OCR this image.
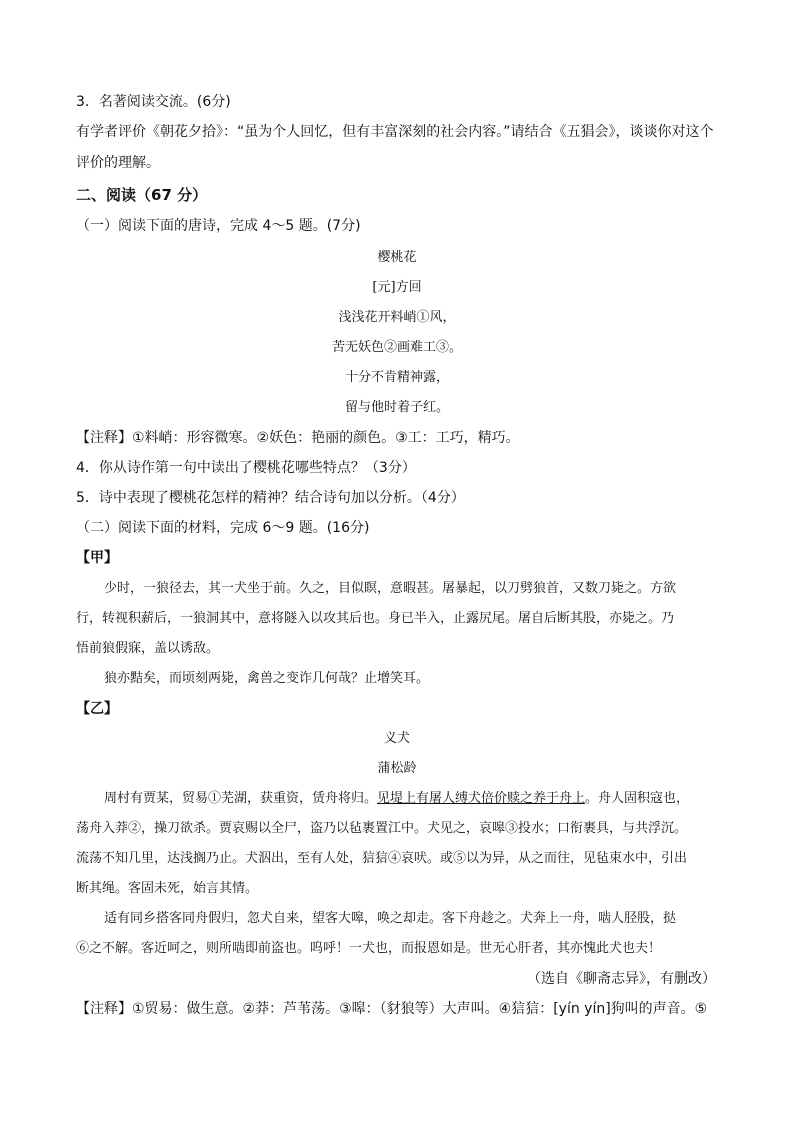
3．名著阅读交流。(6分)
有学者评价《朝花夕拾》：“虽为个人回忆，但有丰富深刻的社会内容。”请结合《五猖会》，谈谈你对这个
评价的理解。
二、阅读（67 分）
（一）阅读下面的唐诗，完成 4～5 题。(7分)
樱桃花
[元]方回
浅浅花开料峭①风，
苦无妖色②画难工③。
十分不肯精神露，
留与他时着子红。
【注释】①料峭：形容微寒。②妖色：艳丽的颜色。③工：工巧，精巧。
4．你从诗作第一句中读出了樱桃花哪些特点？（3分）
5．诗中表现了樱桃花怎样的精神？结合诗句加以分析。（4分）
（二）阅读下面的材料，完成 6～9 题。(16分)
【甲】
少时，一狼径去，其一犬坐于前。久之，目似瞑，意暇甚。屠暴起，以刀劈狼首，又数刀毙之。方欲
行，转视积薪后，一狼洞其中，意将隧入以攻其后也。身已半入，止露尻尾。屠自后断其股，亦毙之。乃
悟前狼假寐，盖以诱敌。
狼亦黠矣，而顷刻两毙，禽兽之变诈几何哉？止增笑耳。
【乙】
义犬
蒲松龄
周村有贾某，贸易①芜湖，获重资，赁舟将归。见堤上有屠人缚犬倍价赎之养于舟上。舟人固积寇也，
荡舟入莽②，操刀欲杀。贾哀赐以全尸，盗乃以毡裹置江中。犬见之，哀嗥③投水；口衔裹具，与共浮沉。
流荡不知几里，达浅搁乃止。犬泅出，至有人处，狺狺④哀吠。或⑤以为异，从之而往，见毡束水中，引出
断其绳。客固未死，始言其情。
适有同乡搭客同舟假归，忽犬自来，望客大嗥，唤之却走。客下舟趁之。犬奔上一舟，啮人胫股，挞
⑥之不解。客近呵之，则所啮即前盗也。呜呼！一犬也，而报恩如是。世无心肝者，其亦愧此犬也夫！
（选自《聊斋志异》，有删改）
【注释】①贸易：做生意。②莽：芦苇荡。③嗥：（豺狼等）大声叫。④狺狺：[yín yín]狗叫的声音。⑤
